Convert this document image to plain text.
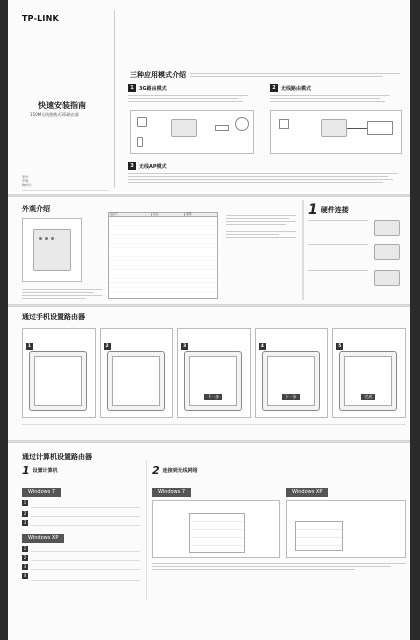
TP-LINK
快速安装指南
150M无线便携式3G路由器
型号：
声明：
物料号：
三种应用模式介绍
1	3G路由模式	2	无线路由模式
3	无线AP模式
外观介绍
指示灯	状态	说明	1 硬件连接
通过手机设置路由器
1	2	3
下一步
4
下一步
5
完成
通过计算机设置路由器
1 设置计算机
Windows 7
1
2
3
Windows XP
1
2
3
4
2 连接到无线网络
Windows 7	Windows XP
